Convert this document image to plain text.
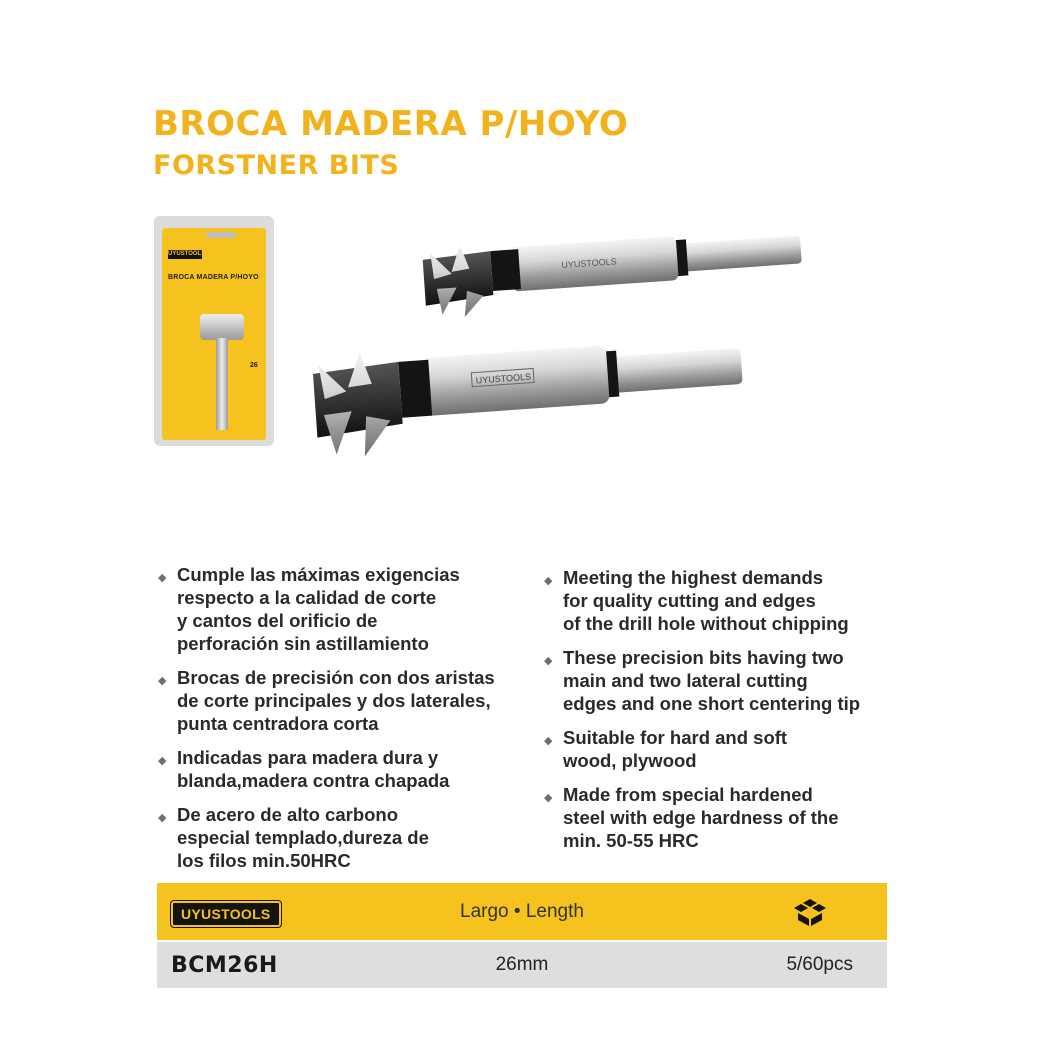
BROCA MADERA P/HOYO
FORSTNER BITS
UYUSTOOLS
BROCA MADERA P/HOYO
26
UYUSTOOLS
UYUSTOOLS
◆ Cumple las máximas exigencias
respecto a la calidad de corte
y cantos del orificio de
perforación sin astillamiento

◆ Brocas de precisión con dos aristas
de corte principales y dos laterales,
punta centradora corta

◆ Indicadas para madera dura y
blanda,madera contra chapada

◆ De acero de alto carbono
especial templado,dureza de
los filos min.50HRC

◆ Meeting the highest demands
for quality cutting and edges
of the drill hole without chipping

◆ These precision bits having two
main and two lateral cutting
edges and one short centering tip

◆ Suitable for hard and soft
wood, plywood

◆ Made from special hardened
steel with edge hardness of the
min. 50-55 HRC

UYUSTOOLS	Largo • Length
BCM26H	26mm	5/60pcs
